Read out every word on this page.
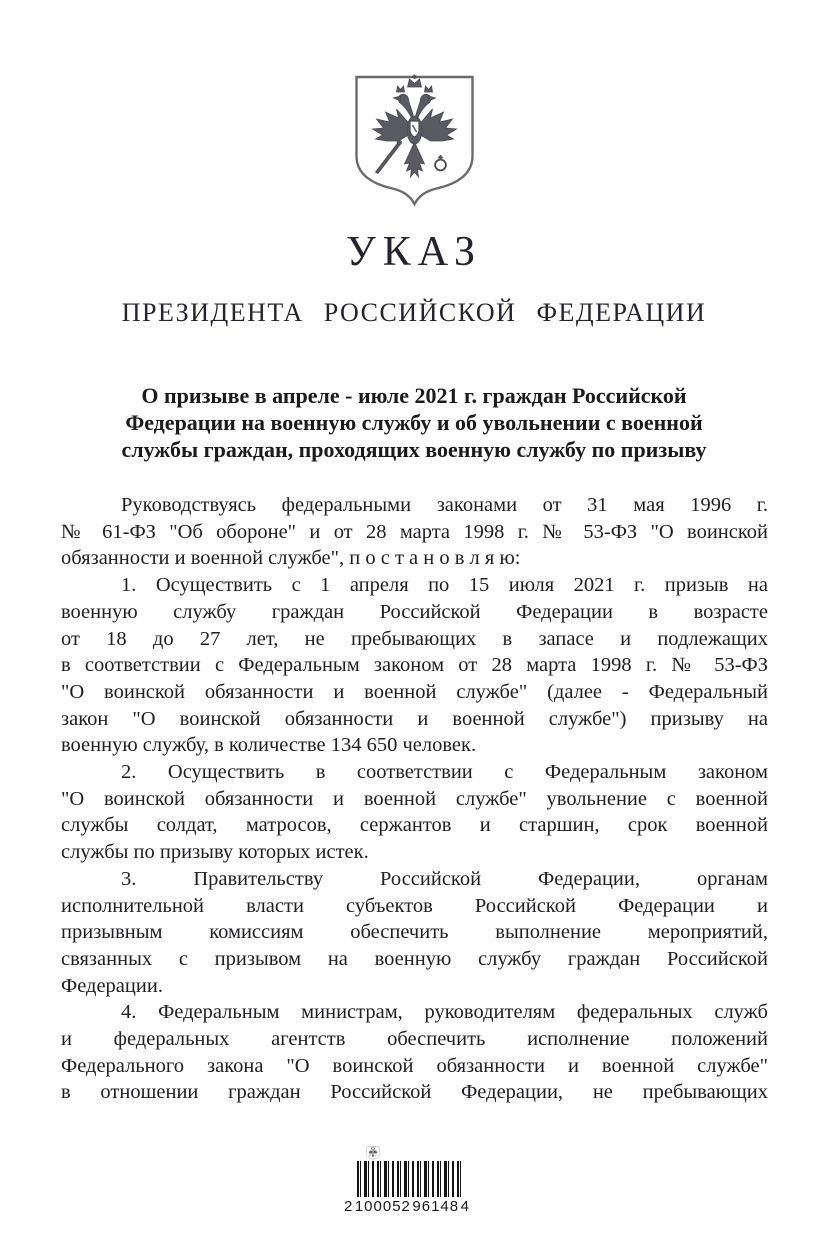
УКАЗ
ПРЕЗИДЕНТА РОССИЙСКОЙ ФЕДЕРАЦИИ
О призыве в апреле - июле 2021 г. граждан Российской
Федерации на военную службу и об увольнении с военной
службы граждан, проходящих военную службу по призыву
Руководствуясь федеральными законами от 31 мая 1996 г.
№ 61-ФЗ "Об обороне" и от 28 марта 1998 г. № 53-ФЗ "О воинской
обязанности и военной службе", п о с т а н о в л я ю:
1. Осуществить с 1 апреля по 15 июля 2021 г. призыв на
военную службу граждан Российской Федерации в возрасте
от 18 до 27 лет, не пребывающих в запасе и подлежащих
в соответствии с Федеральным законом от 28 марта 1998 г. № 53-ФЗ
"О воинской обязанности и военной службе" (далее - Федеральный
закон "О воинской обязанности и военной службе") призыву на
военную службу, в количестве 134 650 человек.
2. Осуществить в соответствии с Федеральным законом
"О воинской обязанности и военной службе" увольнение с военной
службы солдат, матросов, сержантов и старшин, срок военной
службы по призыву которых истек.
3. Правительству Российской Федерации, органам
исполнительной власти субъектов Российской Федерации и
призывным комиссиям обеспечить выполнение мероприятий,
связанных с призывом на военную службу граждан Российской
Федерации.
4. Федеральным министрам, руководителям федеральных служб
и федеральных агентств обеспечить исполнение положений
Федерального закона "О воинской обязанности и военной службе"
в отношении граждан Российской Федерации, не пребывающих
2 100052 96148 4
